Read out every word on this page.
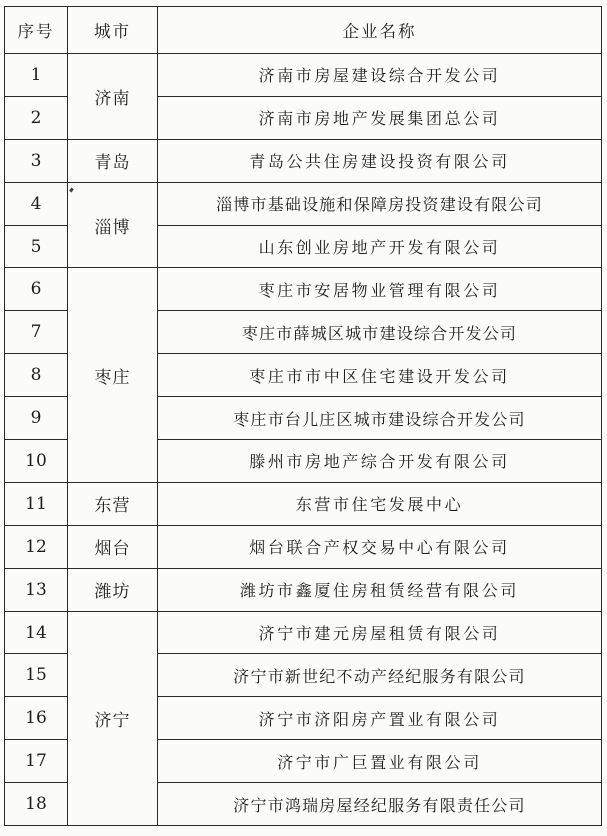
序号	城市	企业名称
1	济南	济南市房屋建设综合开发公司
2		济南市房地产发展集团总公司
3	青岛	青岛公共住房建设投资有限公司
4	淄博	淄博市基础设施和保障房投资建设有限公司
5		山东创业房地产开发有限公司
6	枣庄	枣庄市安居物业管理有限公司
7		枣庄市薛城区城市建设综合开发公司
8		枣庄市市中区住宅建设开发公司
9		枣庄市台儿庄区城市建设综合开发公司
10		滕州市房地产综合开发有限公司
11	东营	东营市住宅发展中心
12	烟台	烟台联合产权交易中心有限公司
13	潍坊	潍坊市鑫厦住房租赁经营有限公司
14	济宁	济宁市建元房屋租赁有限公司
15		济宁市新世纪不动产经纪服务有限公司
16		济宁市济阳房产置业有限公司
17		济宁市广巨置业有限公司
18		济宁市鸿瑞房屋经纪服务有限责任公司
